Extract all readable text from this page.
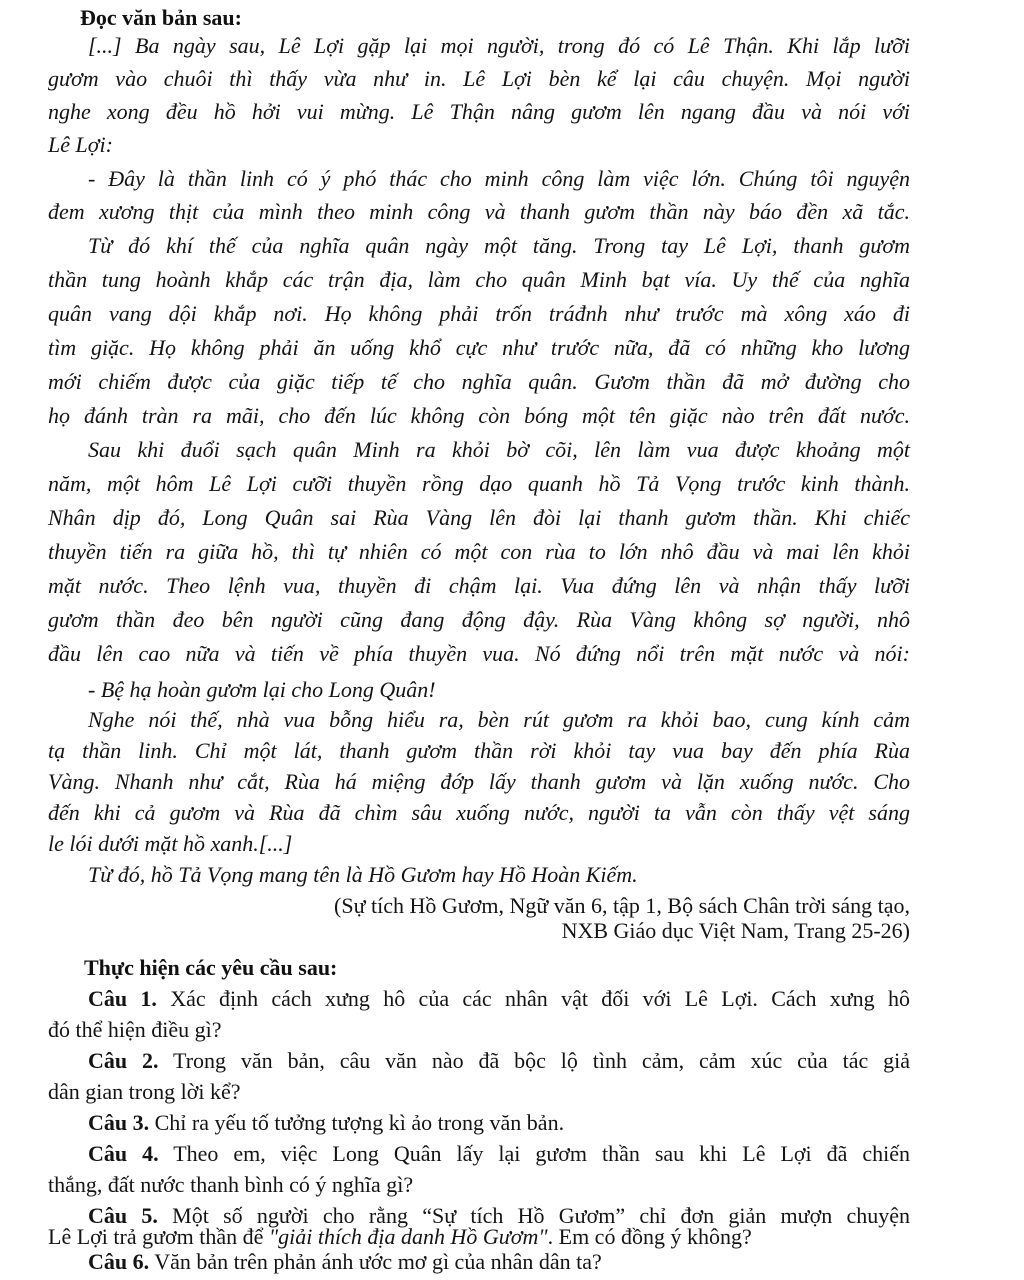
Đọc văn bản sau:
[...] Ba ngày sau, Lê Lợi gặp lại mọi người, trong đó có Lê Thận. Khi lắp lưỡi
gươm vào chuôi thì thấy vừa như in. Lê Lợi bèn kể lại câu chuyện. Mọi người
nghe xong đều hồ hởi vui mừng. Lê Thận nâng gươm lên ngang đầu và nói với
Lê Lợi:
- Đây là thần linh có ý phó thác cho minh công làm việc lớn. Chúng tôi nguyện
đem xương thịt của mình theo minh công và thanh gươm thần này báo đền xã tắc.
Từ đó khí thế của nghĩa quân ngày một tăng. Trong tay Lê Lợi, thanh gươm
thần tung hoành khắp các trận địa, làm cho quân Minh bạt vía. Uy thế của nghĩa
quân vang dội khắp nơi. Họ không phải trốn tráđnh như trước mà xông xáo đi
tìm giặc. Họ không phải ăn uống khổ cực như trước nữa, đã có những kho lương
mới chiếm được của giặc tiếp tế cho nghĩa quân. Gươm thần đã mở đường cho
họ đánh tràn ra mãi, cho đến lúc không còn bóng một tên giặc nào trên đất nước.
Sau khi đuổi sạch quân Minh ra khỏi bờ cõi, lên làm vua được khoảng một
năm, một hôm Lê Lợi cưỡi thuyền rồng dạo quanh hồ Tả Vọng trước kinh thành.
Nhân dịp đó, Long Quân sai Rùa Vàng lên đòi lại thanh gươm thần. Khi chiếc
thuyền tiến ra giữa hồ, thì tự nhiên có một con rùa to lớn nhô đầu và mai lên khỏi
mặt nước. Theo lệnh vua, thuyền đi chậm lại. Vua đứng lên và nhận thấy lưỡi
gươm thần đeo bên người cũng đang động đậy. Rùa Vàng không sợ người, nhô
đầu lên cao nữa và tiến về phía thuyền vua. Nó đứng nổi trên mặt nước và nói:
- Bệ hạ hoàn gươm lại cho Long Quân!
Nghe nói thế, nhà vua bỗng hiểu ra, bèn rút gươm ra khỏi bao, cung kính cảm
tạ thần linh. Chỉ một lát, thanh gươm thần rời khỏi tay vua bay đến phía Rùa
Vàng. Nhanh như cắt, Rùa há miệng đớp lấy thanh gươm và lặn xuống nước. Cho
đến khi cả gươm và Rùa đã chìm sâu xuống nước, người ta vẫn còn thấy vệt sáng
le lói dưới mặt hồ xanh.[...]
Từ đó, hồ Tả Vọng mang tên là Hồ Gươm hay Hồ Hoàn Kiếm.
(Sự tích Hồ Gươm, Ngữ văn 6, tập 1, Bộ sách Chân trời sáng tạo,
NXB Giáo dục Việt Nam, Trang 25-26)
Thực hiện các yêu cầu sau:
Câu 1. Xác định cách xưng hô của các nhân vật đối với Lê Lợi. Cách xưng hô
đó thể hiện điều gì?
Câu 2. Trong văn bản, câu văn nào đã bộc lộ tình cảm, cảm xúc của tác giả
dân gian trong lời kể?
Câu 3. Chỉ ra yếu tố tưởng tượng kì ảo trong văn bản.
Câu 4. Theo em, việc Long Quân lấy lại gươm thần sau khi Lê Lợi đã chiến
thắng, đất nước thanh bình có ý nghĩa gì?
Câu 5. Một số người cho rằng “Sự tích Hồ Gươm” chỉ đơn giản mượn chuyện
Lê Lợi trả gươm thần để "giải thích địa danh Hồ Gươm". Em có đồng ý không?
Câu 6. Văn bản trên phản ánh ước mơ gì của nhân dân ta?
